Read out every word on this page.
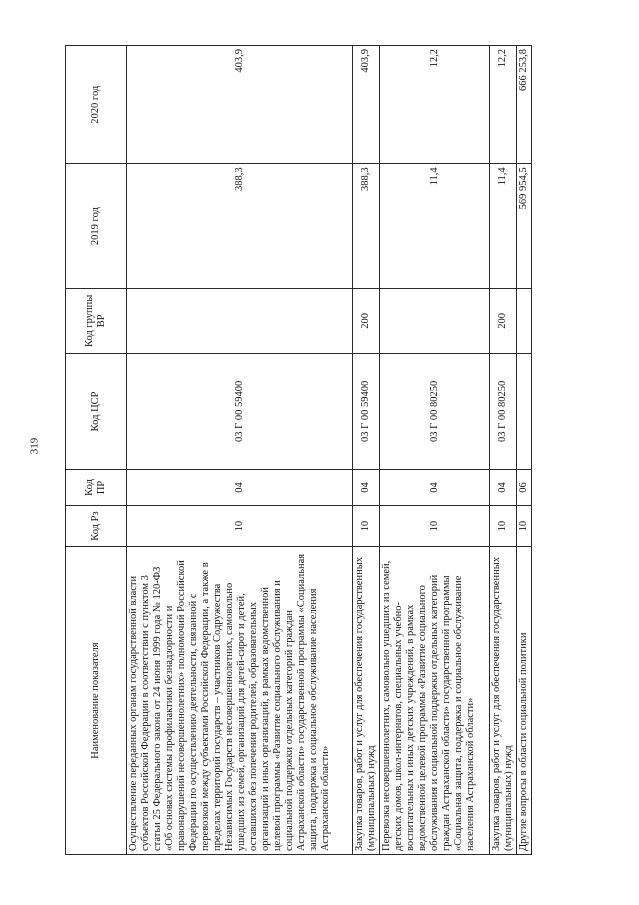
319
Наименование показателя	Код Рз	Код ПР	Код ЦСР	Код группы ВР	2019 год	2020 год
Осуществление переданных органам государственной власти субъектов Российской Федерации в соответствии с пунктом 3 статьи 25 Федерального закона от 24 июня 1999 года № 120-ФЗ «Об основах системы профилактики безнадзорности и правонарушений несовершеннолетних» полномочий Российской Федерации по осуществлению деятельности, связанной с перевозкой между субъектами Российской Федерации, а также в пределах территорий государств – участников Содружества Независимых Государств несовершеннолетних, самовольно ушедших из семей, организаций для детей-сирот и детей, оставшихся без попечения родителей, образовательных организаций и иных организаций, в рамках ведомственной целевой программы «Развитие социального обслуживания и социальной поддержки отдельных категорий граждан Астраханской области» государственной программы «Социальная защита, поддержка и социальное обслуживание населения Астраханской области»	10	04	03 Г 00 59400		388,3	403,9
Закупка товаров, работ и услуг для обеспечения государственных (муниципальных) нужд	10	04	03 Г 00 59400	200	388,3	403,9
Перевозка несовершеннолетних, самовольно ушедших из семей, детских домов, школ-интернатов, специальных учебно-воспитательных и иных детских учреждений, в рамках ведомственной целевой программы «Развитие социального обслуживания и социальной поддержки отдельных категорий граждан Астраханской области» государственной программы «Социальная защита, поддержка и социальное обслуживание населения Астраханской области»	10	04	03 Г 00 80250		11,4	12,2
Закупка товаров, работ и услуг для обеспечения государственных (муниципальных) нужд	10	04	03 Г 00 80250	200	11,4	12,2
Другие вопросы в области социальной политики	10	06			569 954,5	666 253,8
